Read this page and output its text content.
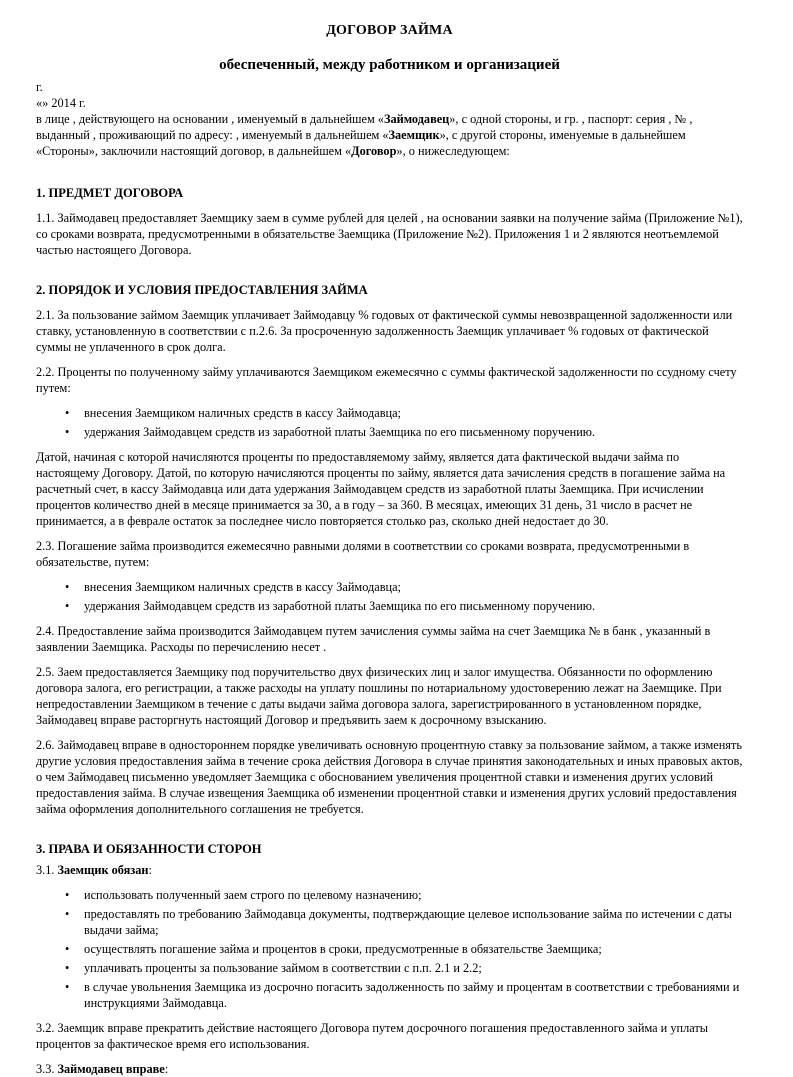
ДОГОВОР ЗАЙМА

обеспеченный, между работником и организацией

г.

«» 2014 г.

в лице , действующего на основании , именуемый в дальнейшем «Займодавец», с одной стороны, и гр. , паспорт: серия , № , выданный , проживающий по адресу: , именуемый в дальнейшем «Заемщик», с другой стороны, именуемые в дальнейшем «Стороны», заключили настоящий договор, в дальнейшем «Договор», о нижеследующем:

1. ПРЕДМЕТ ДОГОВОРА

1.1. Займодавец предоставляет Заемщику заем в сумме рублей для целей , на основании заявки на получение займа (Приложение №1), со сроками возврата, предусмотренными в обязательстве Заемщика (Приложение №2). Приложения 1 и 2 являются неотъемлемой частью настоящего Договора.

2. ПОРЯДОК И УСЛОВИЯ ПРЕДОСТАВЛЕНИЯ ЗАЙМА

2.1. За пользование займом Заемщик уплачивает Займодавцу % годовых от фактической суммы невозвращенной задолженности или ставку, установленную в соответствии с п.2.6. За просроченную задолженность Заемщик уплачивает % годовых от фактической суммы не уплаченного в срок долга.

2.2. Проценты по полученному займу уплачиваются Заемщиком ежемесячно с суммы фактической задолженности по ссудному счету путем:

• внесения Заемщиком наличных средств в кассу Займодавца;
• удержания Займодавцем средств из заработной платы Заемщика по его письменному поручению.

Датой, начиная с которой начисляются проценты по предоставляемому займу, является дата фактической выдачи займа по настоящему Договору. Датой, по которую начисляются проценты по займу, является дата зачисления средств в погашение займа на расчетный счет, в кассу Займодавца или дата удержания Займодавцем средств из заработной платы Заемщика. При исчислении процентов количество дней в месяце принимается за 30, а в году – за 360. В месяцах, имеющих 31 день, 31 число в расчет не принимается, а в феврале остаток за последнее число повторяется столько раз, сколько дней недостает до 30.

2.3. Погашение займа производится ежемесячно равными долями в соответствии со сроками возврата, предусмотренными в обязательстве, путем:

• внесения Заемщиком наличных средств в кассу Займодавца;
• удержания Займодавцем средств из заработной платы Заемщика по его письменному поручению.

2.4. Предоставление займа производится Займодавцем путем зачисления суммы займа на счет Заемщика № в банк , указанный в заявлении Заемщика. Расходы по перечислению несет .

2.5. Заем предоставляется Заемщику под поручительство двух физических лиц и залог имущества. Обязанности по оформлению договора залога, его регистрации, а также расходы на уплату пошлины по нотариальному удостоверению лежат на Заемщике. При непредоставлении Заемщиком в течение с даты выдачи займа договора залога, зарегистрированного в установленном порядке, Займодавец вправе расторгнуть настоящий Договор и предъявить заем к досрочному взысканию.

2.6. Займодавец вправе в одностороннем порядке увеличивать основную процентную ставку за пользование займом, а также изменять другие условия предоставления займа в течение срока действия Договора в случае принятия законодательных и иных правовых актов, о чем Займодавец письменно уведомляет Заемщика с обоснованием увеличения процентной ставки и изменения других условий предоставления займа. В случае извещения Заемщика об изменении процентной ставки и изменения других условий предоставления займа оформления дополнительного соглашения не требуется.

3. ПРАВА И ОБЯЗАННОСТИ СТОРОН

3.1. Заемщик обязан:

• использовать полученный заем строго по целевому назначению;
• предоставлять по требованию Займодавца документы, подтверждающие целевое использование займа по истечении с даты выдачи займа;
• осуществлять погашение займа и процентов в сроки, предусмотренные в обязательстве Заемщика;
• уплачивать проценты за пользование займом в соответствии с п.п. 2.1 и 2.2;
• в случае увольнения Заемщика из досрочно погасить задолженность по займу и процентам в соответствии с требованиями и инструкциями Займодавца.

3.2. Заемщик вправе прекратить действие настоящего Договора путем досрочного погашения предоставленного займа и уплаты процентов за фактическое время его использования.

3.3. Займодавец вправе:
